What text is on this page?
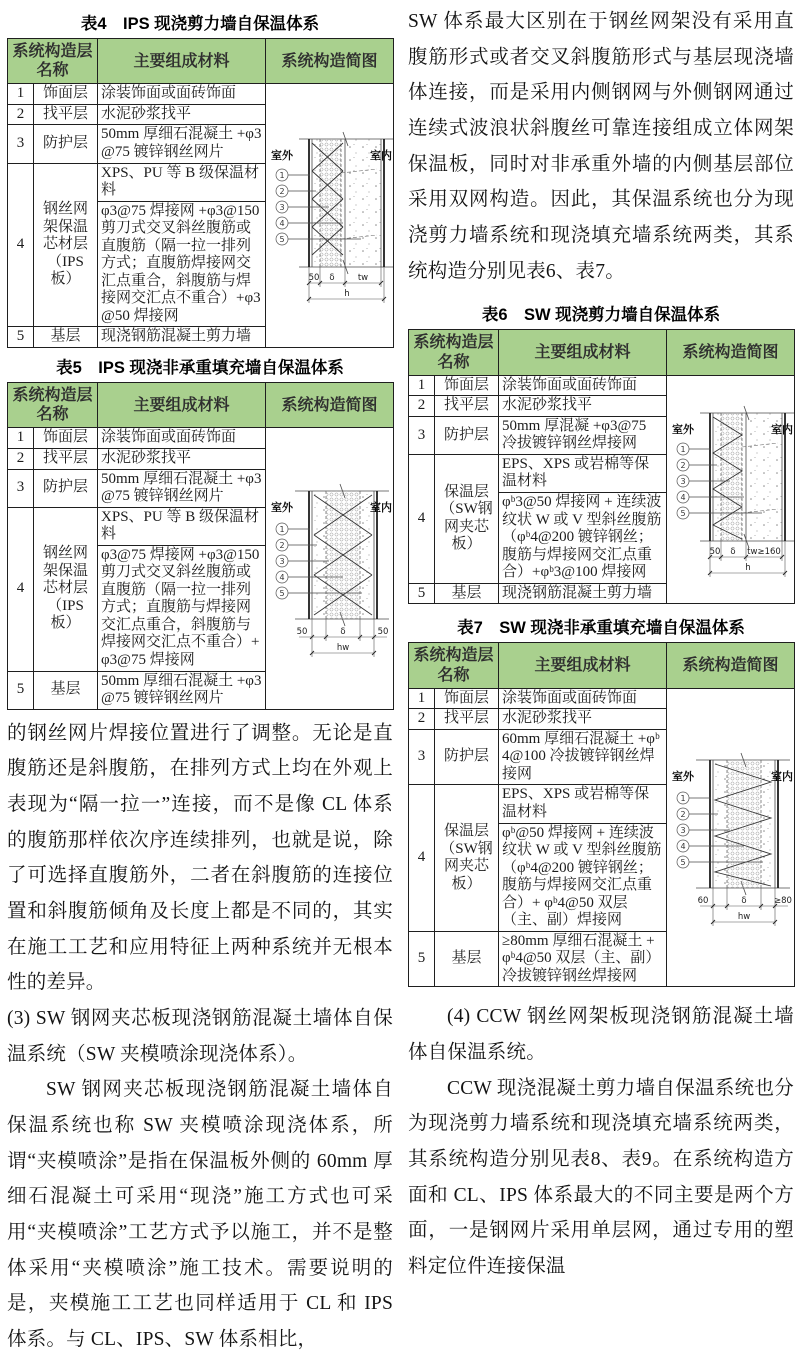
表4　IPS 现浇剪力墙自保温体系
系统构造层名称		主要组成材料	系统构造简图
1	饰面层	涂装饰面或面砖饰面	
室外	室内
1
2
3
4
5
50 δ	tw
h

2	找平层	水泥砂浆找平	
3	防护层	50mm 厚细石混凝土 +φ3@75 镀锌钢丝网片	
4	钢丝网架保温芯材层（IPS板）	XPS、PU 等 B 级保温材料	
		φ3@75 焊接网 +φ3@150 剪刀式交叉斜丝腹筋或直腹筋（隔一拉一排列方式；直腹筋焊接网交汇点重合，斜腹筋与焊接网交汇点不重合）+φ3@50 焊接网	
5	基层	现浇钢筋混凝土剪力墙	
表5　IPS 现浇非承重填充墙自保温体系
系统构造层名称		主要组成材料	系统构造简图
1	饰面层	涂装饰面或面砖饰面	
室外	室内
1
2
3
4
5
50	δ	50
hw

2	找平层	水泥砂浆找平	
3	防护层	50mm 厚细石混凝土 +φ3@75 镀锌钢丝网片	
4	钢丝网架保温芯材层（IPS板）	XPS、PU 等 B 级保温材料	
		φ3@75 焊接网 +φ3@150 剪刀式交叉斜丝腹筋或直腹筋（隔一拉一排列方式；直腹筋与焊接网交汇点重合，斜腹筋与焊接网交汇点不重合）+φ3@75 焊接网	
5	基层	50mm 厚细石混凝土 +φ3@75 镀锌钢丝网片	

的钢丝网片焊接位置进行了调整。无论是直腹筋还是斜腹筋，在排列方式上均在外观上表现为“隔一拉一”连接，而不是像 CL 体系的腹筋那样依次序连续排列，也就是说，除了可选择直腹筋外，二者在斜腹筋的连接位置和斜腹筋倾角及长度上都是不同的，其实在施工工艺和应用特征上两种系统并无根本性的差异。

(3) SW 钢网夹芯板现浇钢筋混凝土墙体自保温系统（SW 夹模喷涂现浇体系）。

SW 钢网夹芯板现浇钢筋混凝土墙体自保温系统也称 SW 夹模喷涂现浇体系，所谓“夹模喷涂”是指在保温板外侧的 60mm 厚细石混凝土可采用“现浇”施工方式也可采用“夹模喷涂”工艺方式予以施工，并不是整体采用“夹模喷涂”施工技术。需要说明的是，夹模施工工艺也同样适用于 CL 和 IPS 体系。与 CL、IPS、SW 体系相比，

SW 体系最大区别在于钢丝网架没有采用直腹筋形式或者交叉斜腹筋形式与基层现浇墙体连接，而是采用内侧钢网与外侧钢网通过连续式波浪状斜腹丝可靠连接组成立体网架保温板，同时对非承重外墙的内侧基层部位采用双网构造。因此，其保温系统也分为现浇剪力墙系统和现浇填充墙系统两类，其系统构造分别见表6、表7。

表6　SW 现浇剪力墙自保温体系
系统构造层名称		主要组成材料	系统构造简图
1	饰面层	涂装饰面或面砖饰面	
室外	室内
1
2
3
4
5
50 δ tw≥160
h

2	找平层	水泥砂浆找平	
3	防护层	50mm 厚混凝 +φ3@75 冷拔镀锌钢丝焊接网	
4	保温层（SW钢网夹芯板）	EPS、XPS 或岩棉等保温材料	
		φᵇ3@50 焊接网 + 连续波纹状 W 或 V 型斜丝腹筋（φᵇ4@200 镀锌钢丝；腹筋与焊接网交汇点重合）+φᵇ3@100 焊接网	
5	基层	现浇钢筋混凝土剪力墙	
表7　SW 现浇非承重填充墙自保温体系
系统构造层名称		主要组成材料	系统构造简图
1	饰面层	涂装饰面或面砖饰面	
室外	室内
1
2
3
4
5
60	δ	≥80
hw

2	找平层	水泥砂浆找平	
3	防护层	60mm 厚细石混凝土 +φᵇ4@100 冷拔镀锌钢丝焊接网	
4	保温层（SW钢网夹芯板）	EPS、XPS 或岩棉等保温材料	
		φᵇ@50 焊接网 + 连续波纹状 W 或 V 型斜丝腹筋（φᵇ4@200 镀锌钢丝；腹筋与焊接网交汇点重合）+ φᵇ4@50 双层（主、副）焊接网	
5	基层	≥80mm 厚细石混凝土 +φᵇ4@50 双层（主、副）冷拔镀锌钢丝焊接网	

(4) CCW 钢丝网架板现浇钢筋混凝土墙体自保温系统。

CCW 现浇混凝土剪力墙自保温系统也分为现浇剪力墙系统和现浇填充墙系统两类，其系统构造分别见表8、表9。在系统构造方面和 CL、IPS 体系最大的不同主要是两个方面，一是钢网片采用单层网，通过专用的塑料定位件连接保温
